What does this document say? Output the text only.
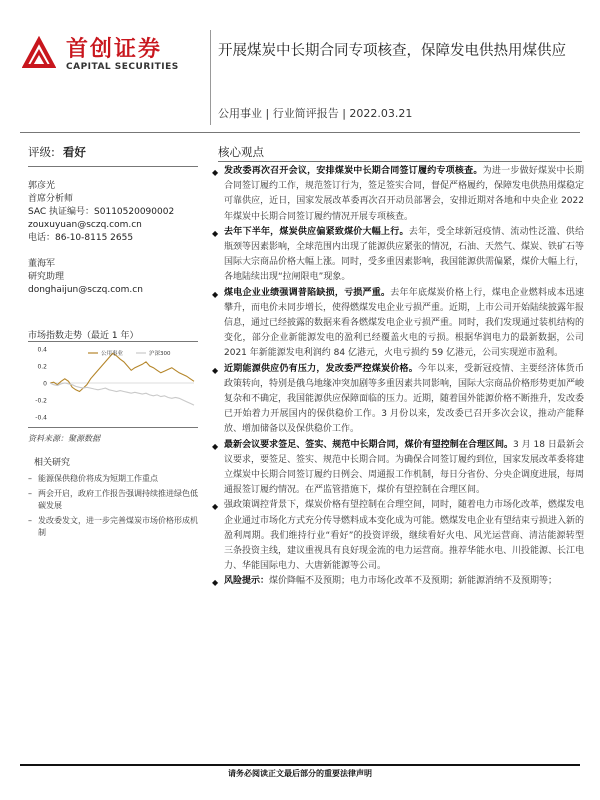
首创证券
CAPITAL SECURITIES
开展煤炭中长期合同专项核查，保障发电供热用煤供应
公用事业 | 行业简评报告 | 2022.03.21
评级: 看好
郭彦光
首席分析师
SAC 执证编号：S0110520090002
zouxuyuan@sczq.com.cn
电话：86-10-8115 2655
董海军
研究助理
donghaijun@sczq.com.cn
市场指数走势（最近 1 年）
0.4
0.2
0
-0.2
-0.4
公用事业	沪深300
资料来源：聚源数据
相关研究
– 能源保供稳价将成为短期工作重点
– 两会开启，政府工作报告强调持续推进绿色低碳发展
– 发改委发文，进一步完善煤炭市场价格形成机制
核心观点
◆ 发改委再次召开会议，安排煤炭中长期合同签订履约专项核查。为进一步做好煤炭中长期合同签订履约工作，规范签订行为，签足签实合同，督促严格履约，保障发电供热用煤稳定可靠供应，近日，国家发展改革委再次召开动员部署会，安排近期对各地和中央企业 2022 年煤炭中长期合同签订履约情况开展专项核查。
◆ 去年下半年，煤炭供应偏紧致煤价大幅上行。去年，受全球新冠疫情、流动性泛滥、供给瓶颈等因素影响，全球范围内出现了能源供应紧张的情况，石油、天然气、煤炭、铁矿石等国际大宗商品价格大幅上涨。同时，受多重因素影响，我国能源供需偏紧，煤价大幅上行，各地陆续出现“拉闸限电”现象。
◆ 煤电企业业绩强调普陷缺损，亏损严重。去年年底煤炭价格上行，煤电企业燃料成本迅速攀升，而电价未同步增长，使得燃煤发电企业亏损严重。近期，上市公司开始陆续披露年报信息，通过已经披露的数据来看各燃煤发电企业亏损严重。同时，我们发现通过装机结构的变化，部分企业新能源发电的盈利已经覆盖火电的亏损。根据华润电力的最新数据，公司 2021 年新能源发电利润约 84 亿港元，火电亏损约 59 亿港元，公司实现逆市盈利。
◆ 近期能源供应仍有压力，发改委严控煤炭价格。今年以来，受新冠疫情、主要经济体货币政策转向，特别是俄乌地缘冲突加剧等多重因素共同影响，国际大宗商品价格形势更加严峻复杂和不确定，我国能源供应保障面临的压力。近期，随着国外能源价格不断推升，发改委已开始着力开展国内的保供稳价工作。3 月份以来，发改委已召开多次会议，推动产能释放、增加储备以及保供稳价工作。
◆ 最新会议要求签足、签实、规范中长期合同，煤价有望控制在合理区间。3 月 18 日最新会议要求，要签足、签实、规范中长期合同。为确保合同签订履约到位，国家发展改革委将建立煤炭中长期合同签订履约日例会、周通报工作机制，每日分省份、分央企调度进展，每周通报签订履约情况。在严监管措施下，煤价有望控制在合理区间。
◆ 强政策调控背景下，煤炭价格有望控制在合理空间，同时，随着电力市场化改革，燃煤发电企业通过市场化方式充分传导燃料成本变化成为可能。燃煤发电企业有望结束亏损进入新的盈利周期。我们维持行业“看好”的投资评级，继续看好火电、风光运营商、清洁能源转型三条投资主线，建议重视具有良好现金流的电力运营商。推荐华能水电、川投能源、长江电力、华能国际电力、大唐新能源等公司。
◆ 风险提示：煤价降幅不及预期；电力市场化改革不及预期；新能源消纳不及预期等；
请务必阅读正文最后部分的重要法律声明
